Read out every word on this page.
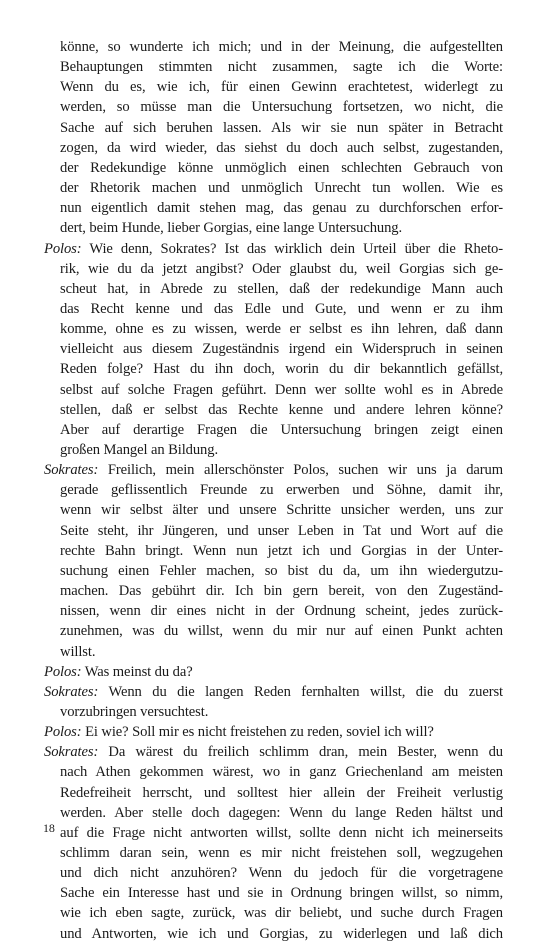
könne, so wunderte ich mich; und in der Meinung, die aufgestellten
Behauptungen stimmten nicht zusammen, sagte ich die Worte:
Wenn du es, wie ich, für einen Gewinn erachtetest, widerlegt zu
werden, so müsse man die Untersuchung fortsetzen, wo nicht, die
Sache auf sich beruhen lassen. Als wir sie nun später in Betracht
zogen, da wird wieder, das siehst du doch auch selbst, zugestanden,
der Redekundige könne unmöglich einen schlechten Gebrauch von
der Rhetorik machen und unmöglich Unrecht tun wollen. Wie es
nun eigentlich damit stehen mag, das genau zu durchforschen erfor-
dert, beim Hunde, lieber Gorgias, eine lange Untersuchung.
Polos: Wie denn, Sokrates? Ist das wirklich dein Urteil über die Rheto-
rik, wie du da jetzt angibst? Oder glaubst du, weil Gorgias sich ge-
scheut hat, in Abrede zu stellen, daß der redekundige Mann auch
das Recht kenne und das Edle und Gute, und wenn er zu ihm
komme, ohne es zu wissen, werde er selbst es ihn lehren, daß dann
vielleicht aus diesem Zugeständnis irgend ein Widerspruch in seinen
Reden folge? Hast du ihn doch, worin du dir bekanntlich gefällst,
selbst auf solche Fragen geführt. Denn wer sollte wohl es in Abrede
stellen, daß er selbst das Rechte kenne und andere lehren könne?
Aber auf derartige Fragen die Untersuchung bringen zeigt einen
großen Mangel an Bildung.
Sokrates: Freilich, mein allerschönster Polos, suchen wir uns ja darum
gerade geflissentlich Freunde zu erwerben und Söhne, damit ihr,
wenn wir selbst älter und unsere Schritte unsicher werden, uns zur
Seite steht, ihr Jüngeren, und unser Leben in Tat und Wort auf die
rechte Bahn bringt. Wenn nun jetzt ich und Gorgias in der Unter-
suchung einen Fehler machen, so bist du da, um ihn wiedergutzu-
machen. Das gebührt dir. Ich bin gern bereit, von den Zugeständ-
nissen, wenn dir eines nicht in der Ordnung scheint, jedes zurück-
zunehmen, was du willst, wenn du mir nur auf einen Punkt achten
willst.
Polos: Was meinst du da?
Sokrates: Wenn du die langen Reden fernhalten willst, die du zuerst
vorzubringen versuchtest.
Polos: Ei wie? Soll mir es nicht freistehen zu reden, soviel ich will?
Sokrates: Da wärest du freilich schlimm dran, mein Bester, wenn du
nach Athen gekommen wärest, wo in ganz Griechenland am meisten
Redefreiheit herrscht, und solltest hier allein der Freiheit verlustig
werden. Aber stelle doch dagegen: Wenn du lange Reden hältst und
auf die Frage nicht antworten willst, sollte denn nicht ich meinerseits
schlimm daran sein, wenn es mir nicht freistehen soll, wegzugehen
und dich nicht anzuhören? Wenn du jedoch für die vorgetragene
Sache ein Interesse hast und sie in Ordnung bringen willst, so nimm,
wie ich eben sagte, zurück, was dir beliebt, und suche durch Fragen
und Antworten, wie ich und Gorgias, zu widerlegen und laß dich
18
